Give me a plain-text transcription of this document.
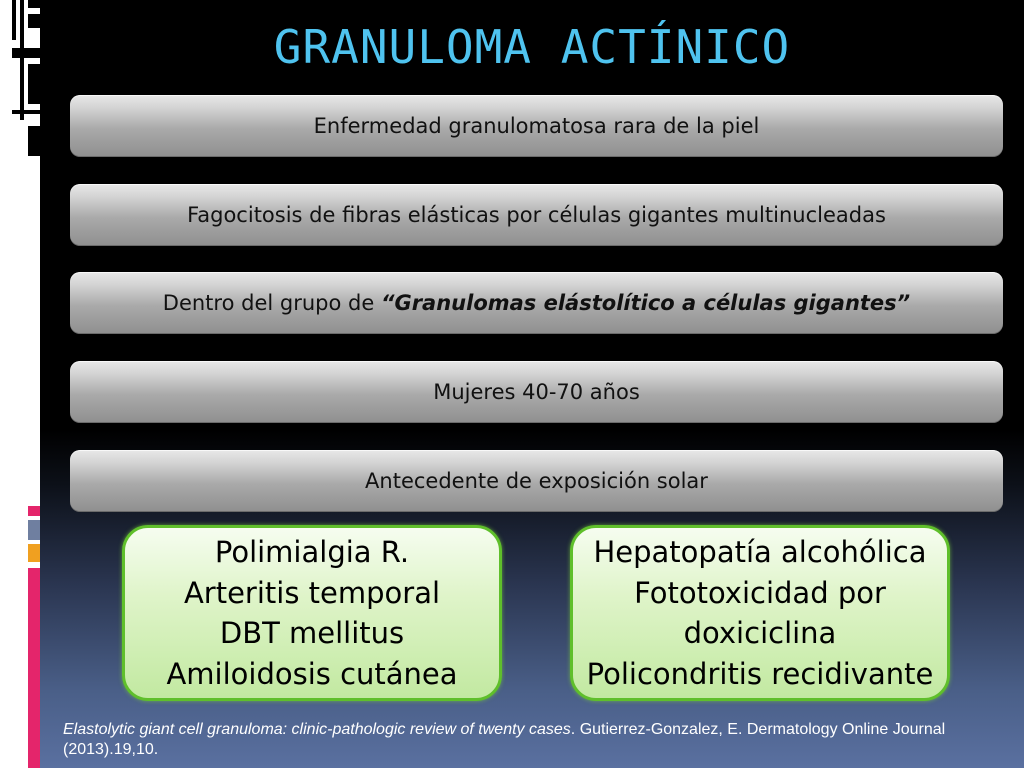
GRANULOMA ACTÍNICO
Enfermedad granulomatosa rara de la piel
Fagocitosis de fibras elásticas por células gigantes multinucleadas
Dentro del grupo de “Granulomas elástolítico a células gigantes”
Mujeres 40-70 años
Antecedente de exposición solar
Polimialgia R.
Arteritis temporal
DBT mellitus
Amiloidosis cutánea
Hepatopatía alcohólica
Fototoxicidad por
doxiciclina
Policondritis recidivante
Elastolytic giant cell granuloma: clinic-pathologic review of twenty cases. Gutierrez-Gonzalez, E. Dermatology Online Journal (2013).19,10.
